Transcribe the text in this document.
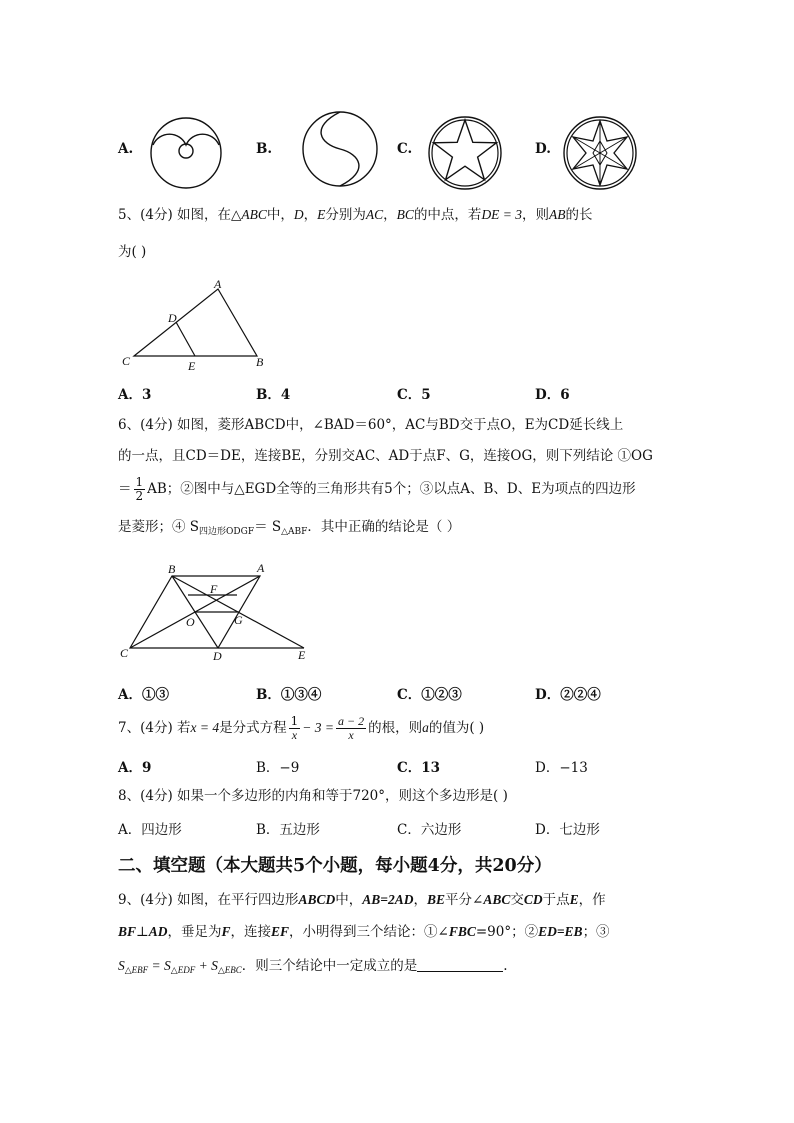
A.	B.	C.	D.
5、(4分) 如图，在△ABC中，D，E分别为AC，BC的中点，若DE = 3，则AB的长
为( )
A
B
C
D
E
A．3	B．4	C．5	D．6
6、(4分) 如图，菱形ABCD中，∠BAD＝60°，AC与BD交于点O，E为CD延长线上
的一点，且CD＝DE，连接BE，分别交AC、AD于点F、G，连接OG，则下列结论 ①OG
＝ $\frac{1}{2}$ AB；②图中与△EGD全等的三角形共有5个；③以点A、B、D、E为项点的四边形
是菱形；④ $S_{四边形ODGF}= S_{\triangle ABF}$．其中正确的结论是（ ）
B	A
C	D	E
F
G
O
A．①③	B．①③④	C．①②③	D．②②④
7、(4分) 若x = 4是分式方程 $\frac{1}{x} - 3 = \frac{a - 2}{x}$ 的根，则a的值为( )
A．9	B．−9	C．13	D．−13
8、(4分) 如果一个多边形的内角和等于720°，则这个多边形是( )
A．四边形	B．五边形	C．六边形	D．七边形
二、填空题（本大题共5个小题，每小题4分，共20分）
9、(4分) 如图，在平行四边形ABCD中，AB=2AD，BE平分∠ABC交CD于点E，作
BF⊥AD，垂足为F，连接EF，小明得到三个结论：①∠FBC=90°；②ED=EB；③
$S_{\triangle EBF} = S_{\triangle EDF} + S_{\triangle EBC}$．则三个结论中一定成立的是	.
